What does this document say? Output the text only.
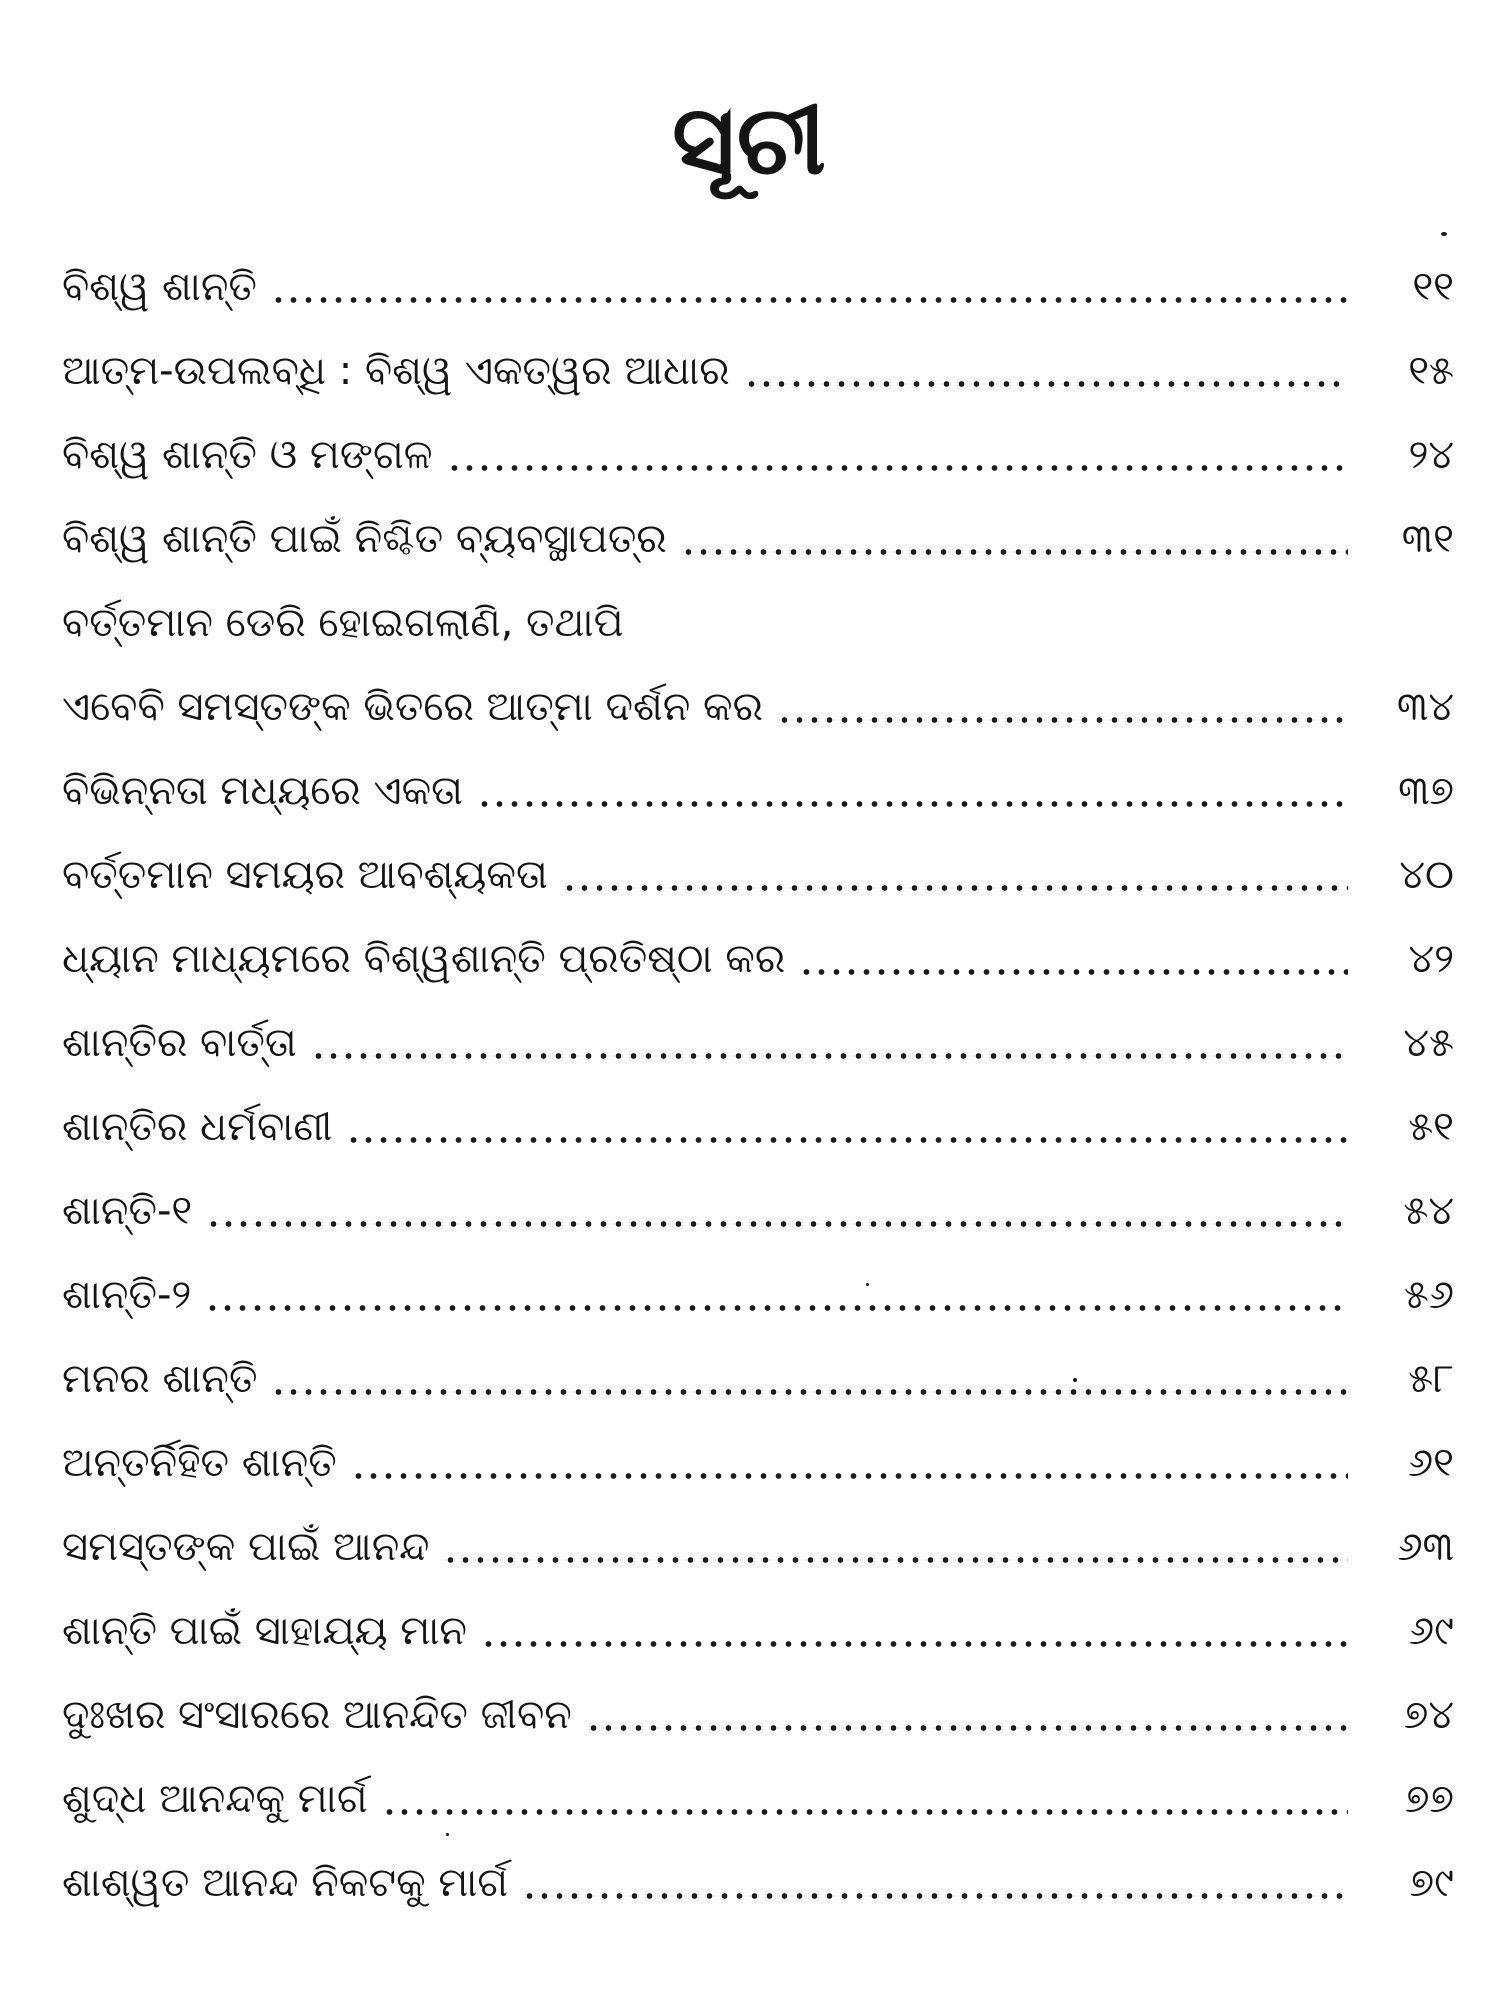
ସୂଚୀ
ବିଶ୍ୱ ଶାନ୍ତି	୧୧
ଆତ୍ମ-ଉପଲବ୍ଧି : ବିଶ୍ୱ ଏକତ୍ୱର ଆଧାର	୧୫
ବିଶ୍ୱ ଶାନ୍ତି ଓ ମଙ୍ଗଳ	୨୪
ବିଶ୍ୱ ଶାନ୍ତି ପାଇଁ ନିଶ୍ଚିତ ବ୍ୟବସ୍ଥାପତ୍ର	୩୧
ବର୍ତ୍ତମାନ ଡେରି ହୋଇଗଲାଣି, ତଥାପି
ଏବେବି ସମସ୍ତଙ୍କ ଭିତରେ ଆତ୍ମା ଦର୍ଶନ କର	୩୪
ବିଭିନ୍ନତା ମଧ୍ୟରେ ଏକତା	୩୭
ବର୍ତ୍ତମାନ ସମୟର ଆବଶ୍ୟକତା	୪୦
ଧ୍ୟାନ ମାଧ୍ୟମରେ ବିଶ୍ୱଶାନ୍ତି ପ୍ରତିଷ୍ଠା କର	୪୨
ଶାନ୍ତିର ବାର୍ତ୍ତା	୪୫
ଶାନ୍ତିର ଧର୍ମବାଣୀ	୫୧
ଶାନ୍ତି-୧	୫୪
ଶାନ୍ତି-୨	୫୬
ମନର ଶାନ୍ତି	୫୮
ଅନ୍ତର୍ନିହିତ ଶାନ୍ତି	୬୧
ସମସ୍ତଙ୍କ ପାଇଁ ଆନନ୍ଦ	୬୩
ଶାନ୍ତି ପାଇଁ ସାହାଯ୍ୟ ମାନ	୬୯
ଦୁଃଖର ସଂସାରରେ ଆନନ୍ଦିତ ଜୀବନ	୭୪
ଶୁଦ୍ଧ ଆନନ୍ଦକୁ ମାର୍ଗ	୭୭
ଶାଶ୍ୱତ ଆନନ୍ଦ ନିକଟକୁ ମାର୍ଗ	୭୯
